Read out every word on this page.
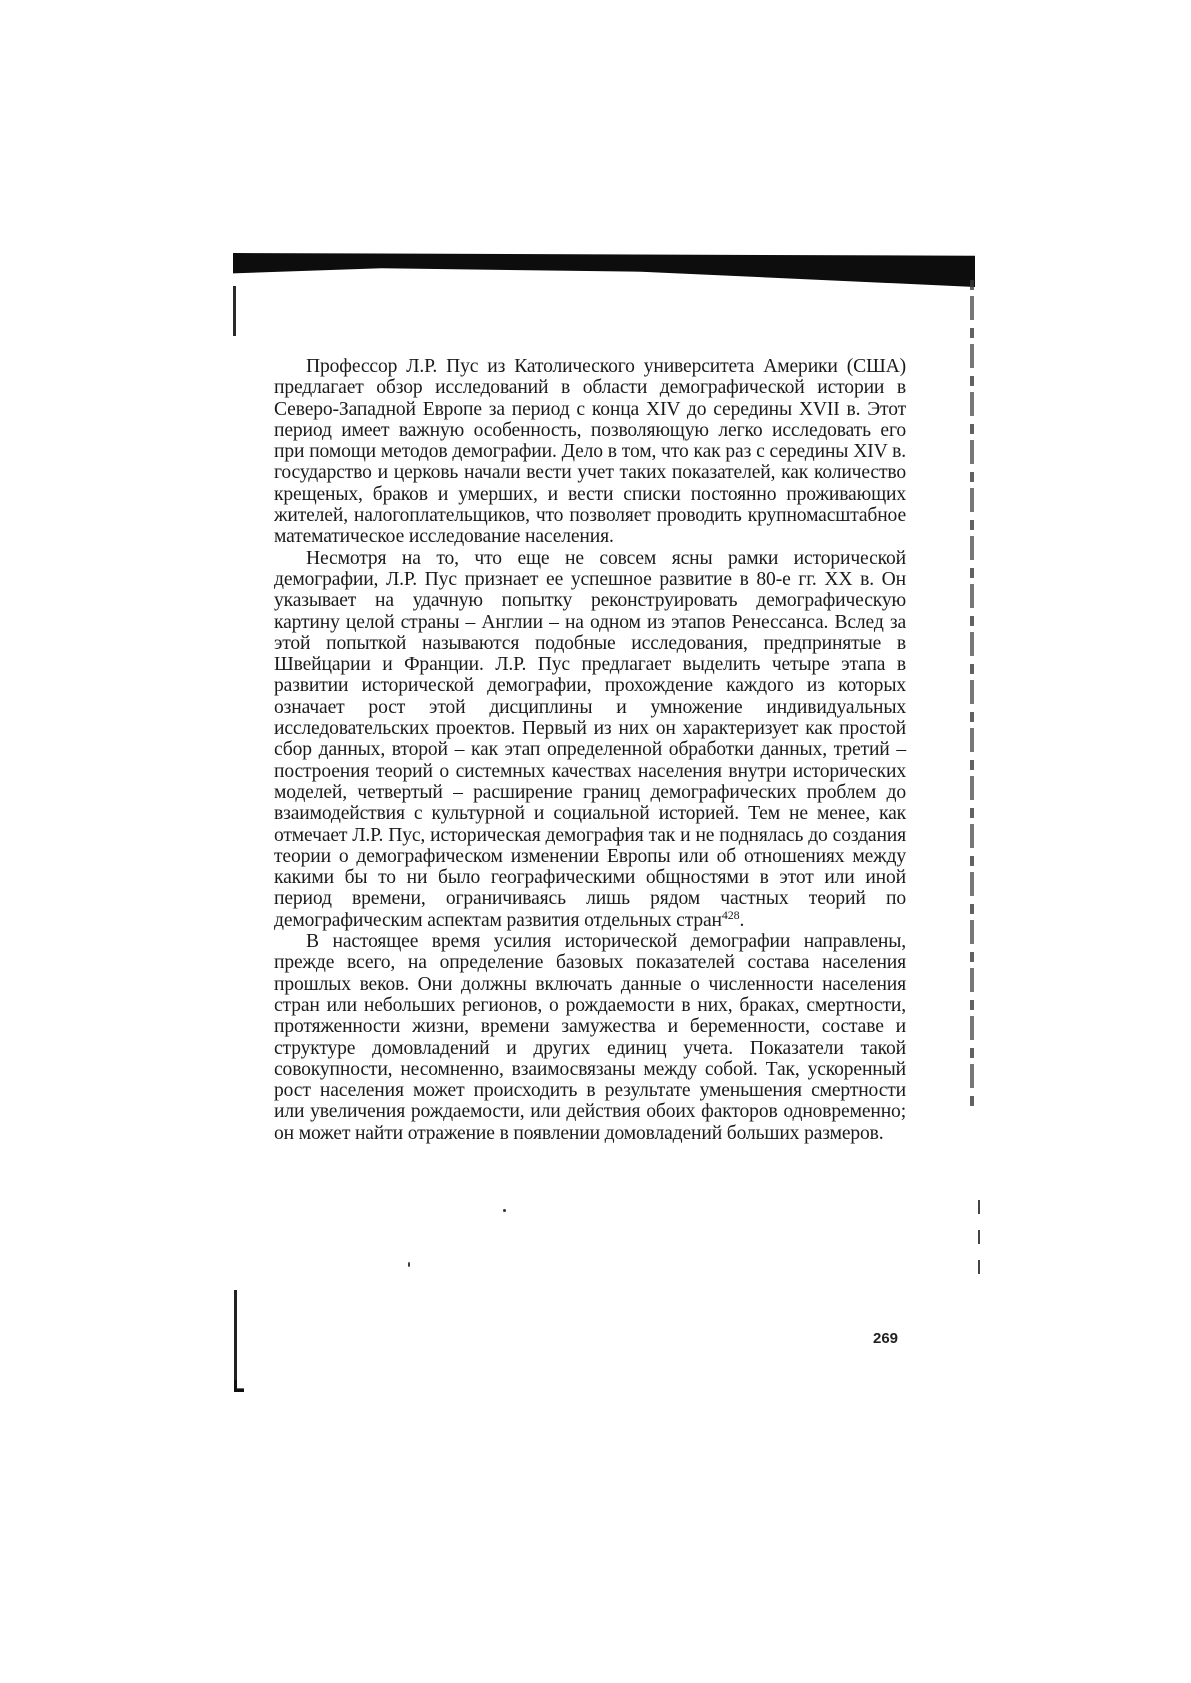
Профессор Л.Р. Пус из Католического университета Америки (США) предлагает обзор исследований в области демографической истории в Северо-Западной Европе за период с конца XIV до середины XVII в. Этот период имеет важную особенность, позволяющую легко исследовать его при помощи методов демографии. Дело в том, что как раз с середины XIV в. государство и церковь начали вести учет таких показателей, как количество крещеных, браков и умерших, и вести списки постоянно проживающих жителей, налогоплательщиков, что позволяет проводить крупномасштабное математическое исследование населения.

Несмотря на то, что еще не совсем ясны рамки исторической демографии, Л.Р. Пус признает ее успешное развитие в 80-е гг. XX в. Он указывает на удачную попытку реконструировать демографическую картину целой страны – Англии – на одном из этапов Ренессанса. Вслед за этой попыткой называются подобные исследования, предпринятые в Швейцарии и Франции. Л.Р. Пус предлагает выделить четыре этапа в развитии исторической демографии, прохождение каждого из которых означает рост этой дисциплины и умножение индивидуальных исследовательских проектов. Первый из них он характеризует как простой сбор данных, второй – как этап определенной обработки данных, третий – построения теорий о системных качествах населения внутри исторических моделей, четвертый – расширение границ демографических проблем до взаимодействия с культурной и социальной историей. Тем не менее, как отмечает Л.Р. Пус, историческая демография так и не поднялась до создания теории о демографическом изменении Европы или об отношениях между какими бы то ни было географическими общностями в этот или иной период времени, ограничиваясь лишь рядом частных теорий по демографическим аспектам развития отдельных стран$^{428}$.

В настоящее время усилия исторической демографии направлены, прежде всего, на определение базовых показателей состава населения прошлых веков. Они должны включать данные о численности населения стран или небольших регионов, о рождаемости в них, браках, смертности, протяженности жизни, времени замужества и беременности, составе и структуре домовладений и других единиц учета. Показатели такой совокупности, несомненно, взаимосвязаны между собой. Так, ускоренный рост населения может происходить в результате уменьшения смертности или увеличения рождаемости, или действия обоих факторов одновременно; он может найти отражение в появлении домовладений больших размеров.

269
